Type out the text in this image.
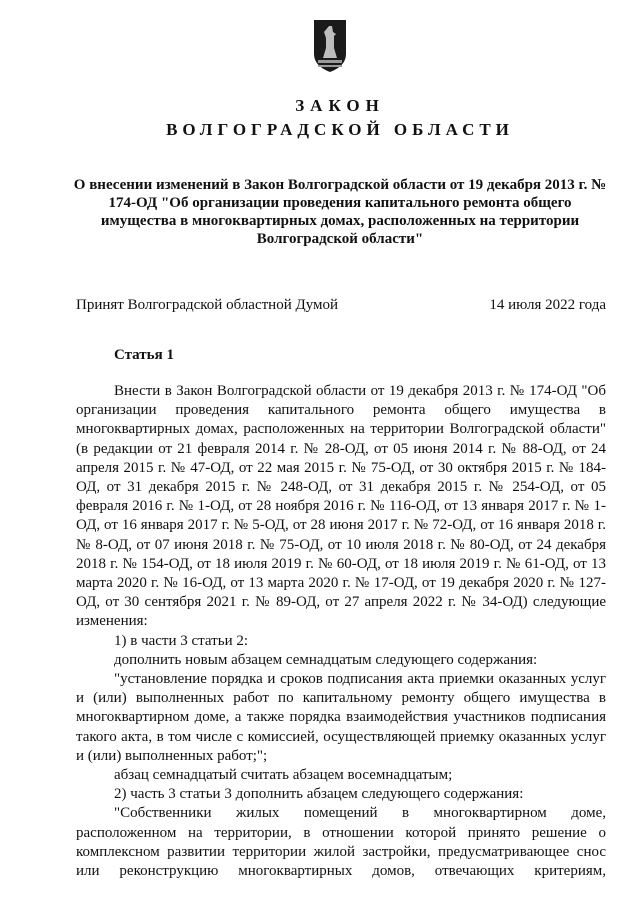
ЗАКОН
ВОЛГОГРАДСКОЙ ОБЛАСТИ
О внесении изменений в Закон Волгоградской области от 19 декабря 2013 г. № 174-ОД "Об организации проведения капитального ремонта общего имущества в многоквартирных домах, расположенных на территории Волгоградской области"
Принят Волгоградской областной Думой	14 июля 2022 года
Статья 1

Внести в Закон Волгоградской области от 19 декабря 2013 г. № 174-ОД "Об организации проведения капитального ремонта общего имущества в многоквартирных домах, расположенных на территории Волгоградской области" (в редакции от 21 февраля 2014 г. № 28-ОД, от 05 июня 2014 г. № 88-ОД, от 24 апреля 2015 г. № 47-ОД, от 22 мая 2015 г. № 75-ОД, от 30 октября 2015 г. № 184-ОД, от 31 декабря 2015 г. № 248-ОД, от 31 декабря 2015 г. № 254-ОД, от 05 февраля 2016 г. № 1-ОД, от 28 ноября 2016 г. № 116-ОД, от 13 января 2017 г. № 1-ОД, от 16 января 2017 г. № 5-ОД, от 28 июня 2017 г. № 72-ОД, от 16 января 2018 г. № 8-ОД, от 07 июня 2018 г. № 75-ОД, от 10 июля 2018 г. № 80-ОД, от 24 декабря 2018 г. № 154-ОД, от 18 июля 2019 г. № 60-ОД, от 18 июля 2019 г. № 61-ОД, от 13 марта 2020 г. № 16-ОД, от 13 марта 2020 г. № 17-ОД, от 19 декабря 2020 г. № 127-ОД, от 30 сентября 2021 г. № 89-ОД, от 27 апреля 2022 г. № 34-ОД) следующие изменения:

1) в части 3 статьи 2:

дополнить новым абзацем семнадцатым следующего содержания:

"установление порядка и сроков подписания акта приемки оказанных услуг и (или) выполненных работ по капитальному ремонту общего имущества в многоквартирном доме, а также порядка взаимодействия участников подписания такого акта, в том числе с комиссией, осуществляющей приемку оказанных услуг и (или) выполненных работ;";

абзац семнадцатый считать абзацем восемнадцатым;

2) часть 3 статьи 3 дополнить абзацем следующего содержания:

"Собственники жилых помещений в многоквартирном доме, расположенном на территории, в отношении которой принято решение о комплексном развитии территории жилой застройки, предусматривающее снос или реконструкцию многоквартирных домов, отвечающих критериям,
